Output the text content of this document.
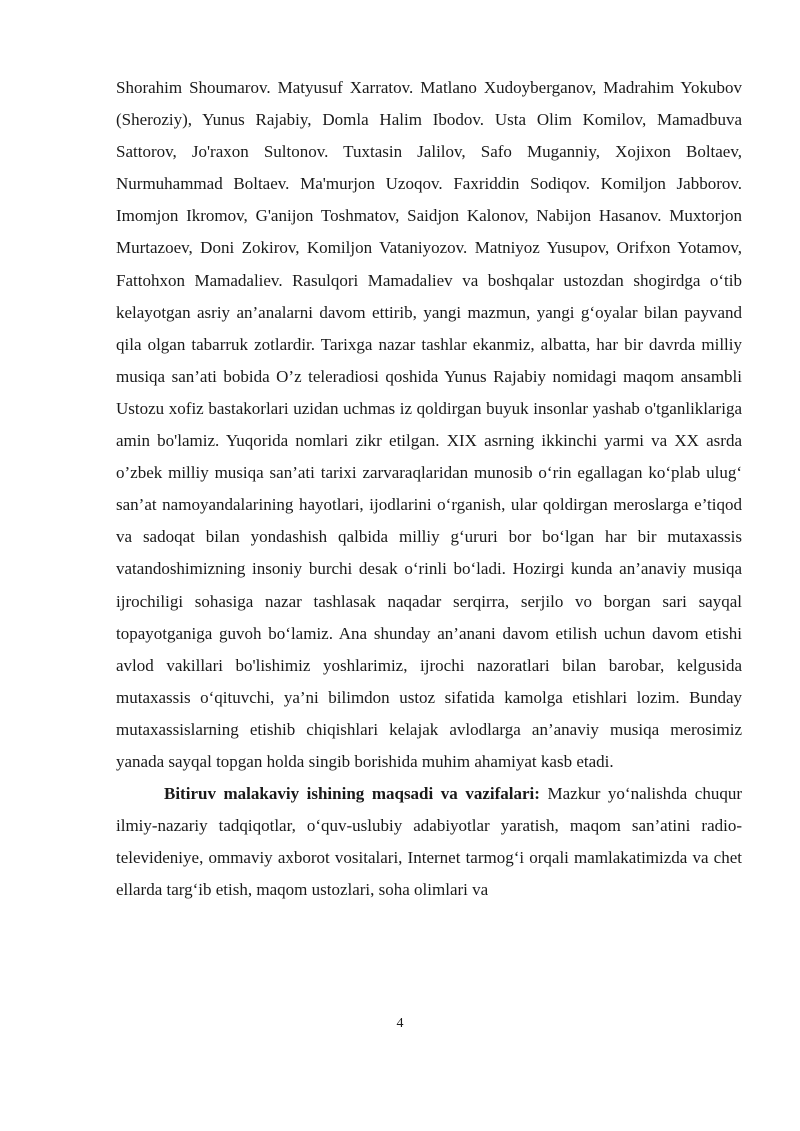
Shorahim Shoumarov. Matyusuf Xarratov. Matlano Xudoyberganov, Madrahim Yokubov (Sheroziy), Yunus Rajabiy, Domla Halim Ibodov. Usta Olim Komilov, Mamadbuva Sattorov, Jo'raxon Sultonov. Tuxtasin Jalilov, Safo Muganniy, Xojixon Boltaev, Nurmuhammad Boltaev. Ma'murjon Uzoqov. Faxriddin Sodiqov. Komiljon Jabborov. Imomjon Ikromov, G'anijon Toshmatov, Saidjon Kalonov, Nabijon Hasanov. Muxtorjon Murtazoev, Doni Zokirov, Komiljon Vataniyozov. Matniyoz Yusupov, Orifxon Yotamov, Fattohxon Mamadaliev. Rasulqori Mamadaliev va boshqalar ustozdan shogirdga o‘tib kelayotgan asriy an’analarni davom ettirib, yangi mazmun, yangi g‘oyalar bilan payvand qila olgan tabarruk zotlardir. Tarixga nazar tashlar ekanmiz, albatta, har bir davrda milliy musiqa san’ati bobida O’z teleradiosi qoshida Yunus Rajabiy nomidagi maqom ansambli Ustozu xofiz bastakorlari uzidan uchmas iz qoldirgan buyuk insonlar yashab o'tganliklariga amin bo'lamiz. Yuqorida nomlari zikr etilgan. XIX asrning ikkinchi yarmi va XX asrda o’zbek milliy musiqa san’ati tarixi zarvaraqlaridan munosib o‘rin egallagan ko‘plab ulug‘ san’at namoyandalarining hayotlari, ijodlarini o‘rganish, ular qoldirgan meroslarga e’tiqod va sadoqat bilan yondashish qalbida milliy g‘ururi bor bo‘lgan har bir mutaxassis vatandoshimizning insoniy burchi desak o‘rinli bo‘ladi. Hozirgi kunda an’anaviy musiqa ijrochiligi sohasiga nazar tashlasak naqadar serqirra, serjilo vo borgan sari sayqal topayotganiga guvoh bo‘lamiz. Ana shunday an’anani davom etilish uchun davom etishi avlod vakillari bo'lishimiz yoshlarimiz, ijrochi nazoratlari bilan barobar, kelgusida mutaxassis o‘qituvchi, ya’ni bilimdon ustoz sifatida kamolga etishlari lozim. Bunday mutaxassislarning etishib chiqishlari kelajak avlodlarga an’anaviy musiqa merosimiz yanada sayqal topgan holda singib borishida muhim ahamiyat kasb etadi.

Bitiruv malakaviy ishining maqsadi va vazifalari: Mazkur yo‘nalishda chuqur ilmiy-nazariy tadqiqotlar, o‘quv-uslubiy adabiyotlar yaratish, maqom san’atini radio-televideniye, ommaviy axborot vositalari, Internet tarmog‘i orqali mamlakatimizda va chet ellarda targ‘ib etish, maqom ustozlari, soha olimlari va

4
